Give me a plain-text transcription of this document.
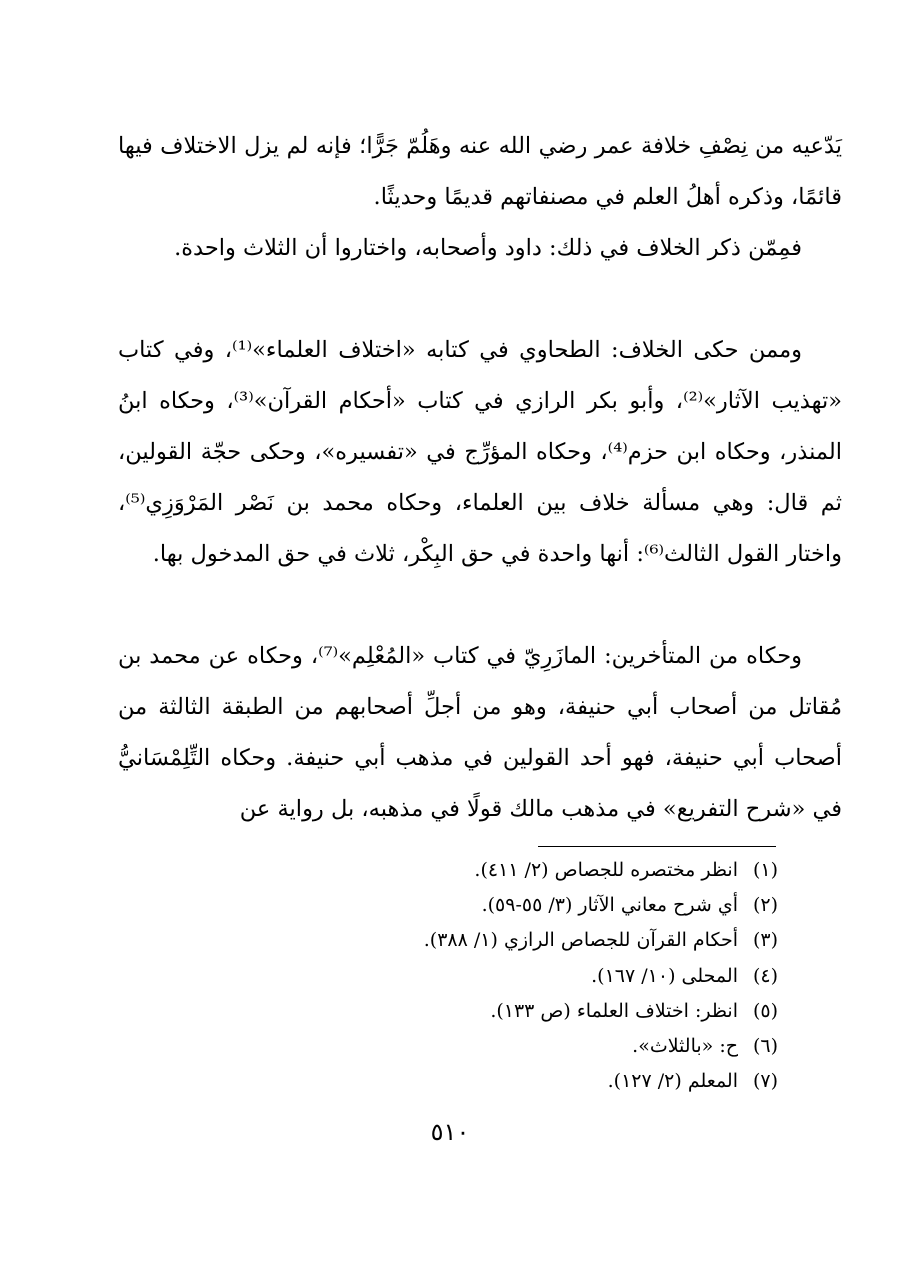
يَدّعيه من نِصْفِ خلافة عمر رضي الله عنه وهَلُمّ جَرًّا؛ فإنه لم يزل الاختلاف فيها قائمًا، وذكره أهلُ العلم في مصنفاتهم قديمًا وحديثًا.

فمِمّن ذكر الخلاف في ذلك: داود وأصحابه، واختاروا أن الثلاث واحدة.

وممن حكى الخلاف: الطحاوي في كتابه «اختلاف العلماء»⁽¹⁾، وفي كتاب «تهذيب الآثار»⁽²⁾، وأبو بكر الرازي في كتاب «أحكام القرآن»⁽³⁾، وحكاه ابنُ المنذر، وحكاه ابن حزم⁽⁴⁾، وحكاه المؤرِّج في «تفسيره»، وحكى حجّة القولين، ثم قال: وهي مسألة خلاف بين العلماء، وحكاه محمد بن نَصْر المَرْوَزِي⁽⁵⁾، واختار القول الثالث⁽⁶⁾: أنها واحدة في حق البِكْر، ثلاث في حق المدخول بها.

وحكاه من المتأخرين: المازَرِيّ في كتاب «المُعْلِم»⁽⁷⁾، وحكاه عن محمد بن مُقاتل من أصحاب أبي حنيفة، وهو من أجلِّ أصحابهم من الطبقة الثالثة من أصحاب أبي حنيفة، فهو أحد القولين في مذهب أبي حنيفة. وحكاه التِّلِمْسَانيُّ في «شرح التفريع» في مذهب مالك قولًا في مذهبه، بل رواية عن

(١)انظر مختصره للجصاص (٢/ ٤١١).
(٢)أي شرح معاني الآثار (٣/ ٥٥-٥٩).
(٣)أحكام القرآن للجصاص الرازي (١/ ٣٨٨).
(٤)المحلى (١٠/ ١٦٧).
(٥)انظر: اختلاف العلماء (ص ١٣٣).
(٦)ح: «بالثلاث».
(٧)المعلم (٢/ ١٢٧).
٥١٠
